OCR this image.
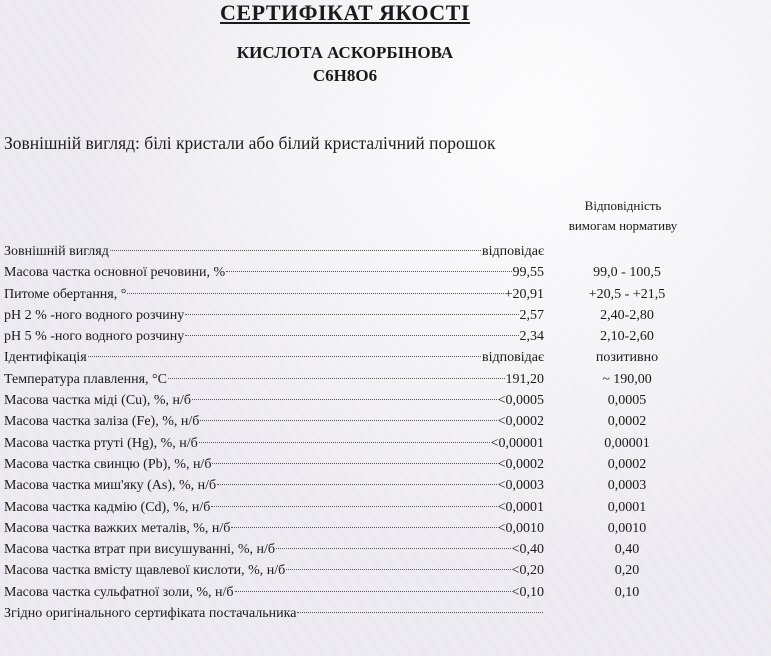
СЕРТИФІКАТ ЯКОСТІ
КИСЛОТА АСКОРБІНОВА
C6H8O6
Зовнішній вигляд: білі кристали або білий кристалічний порошок
Відповідність
вимогам нормативу
Зовнішній вигляд	відповідає
Масова частка основної речовини, %	99,55	99,0 - 100,5
Питоме обертання, °	+20,91	+20,5 - +21,5
pH 2 % -ного водного розчину	2,57	2,40-2,80
pH 5 % -ного водного розчину	2,34	2,10-2,60
Ідентифікація	відповідає	позитивно
Температура плавлення, °С	191,20	~ 190,00
Масова частка міді (Cu), %, н/б	<0,0005	0,0005
Масова частка заліза (Fe), %, н/б	<0,0002	0,0002
Масова частка ртуті (Hg), %, н/б	<0,00001	0,00001
Масова частка свинцю (Pb), %, н/б	<0,0002	0,0002
Масова частка миш'яку (As), %, н/б	<0,0003	0,0003
Масова частка кадмію (Cd), %, н/б	<0,0001	0,0001
Масова частка важких металів, %, н/б	<0,0010	0,0010
Масова частка втрат при висушуванні, %, н/б	<0,40	0,40
Масова частка вмісту щавлевої кислоти, %, н/б	<0,20	0,20
Масова частка сульфатної золи, %, н/б	<0,10	0,10
Згідно оригінального сертифіката постачальника
